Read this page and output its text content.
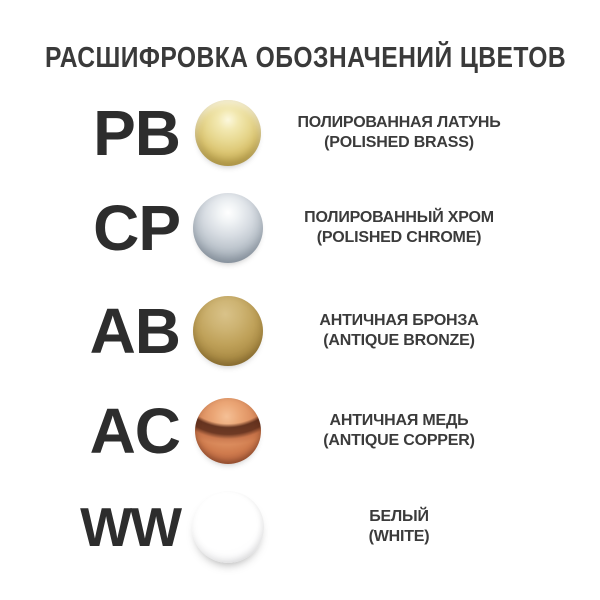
РАСШИФРОВКА ОБОЗНАЧЕНИЙ ЦВЕТОВ
PB	ПОЛИРОВАННАЯ ЛАТУНЬ
(POLISHED BRASS)
CP	ПОЛИРОВАННЫЙ ХРОМ
(POLISHED CHROME)
AB	АНТИЧНАЯ БРОНЗА
(ANTIQUE BRONZE)
AC	АНТИЧНАЯ МЕДЬ
(ANTIQUE COPPER)
WW	БЕЛЫЙ
(WHITE)
